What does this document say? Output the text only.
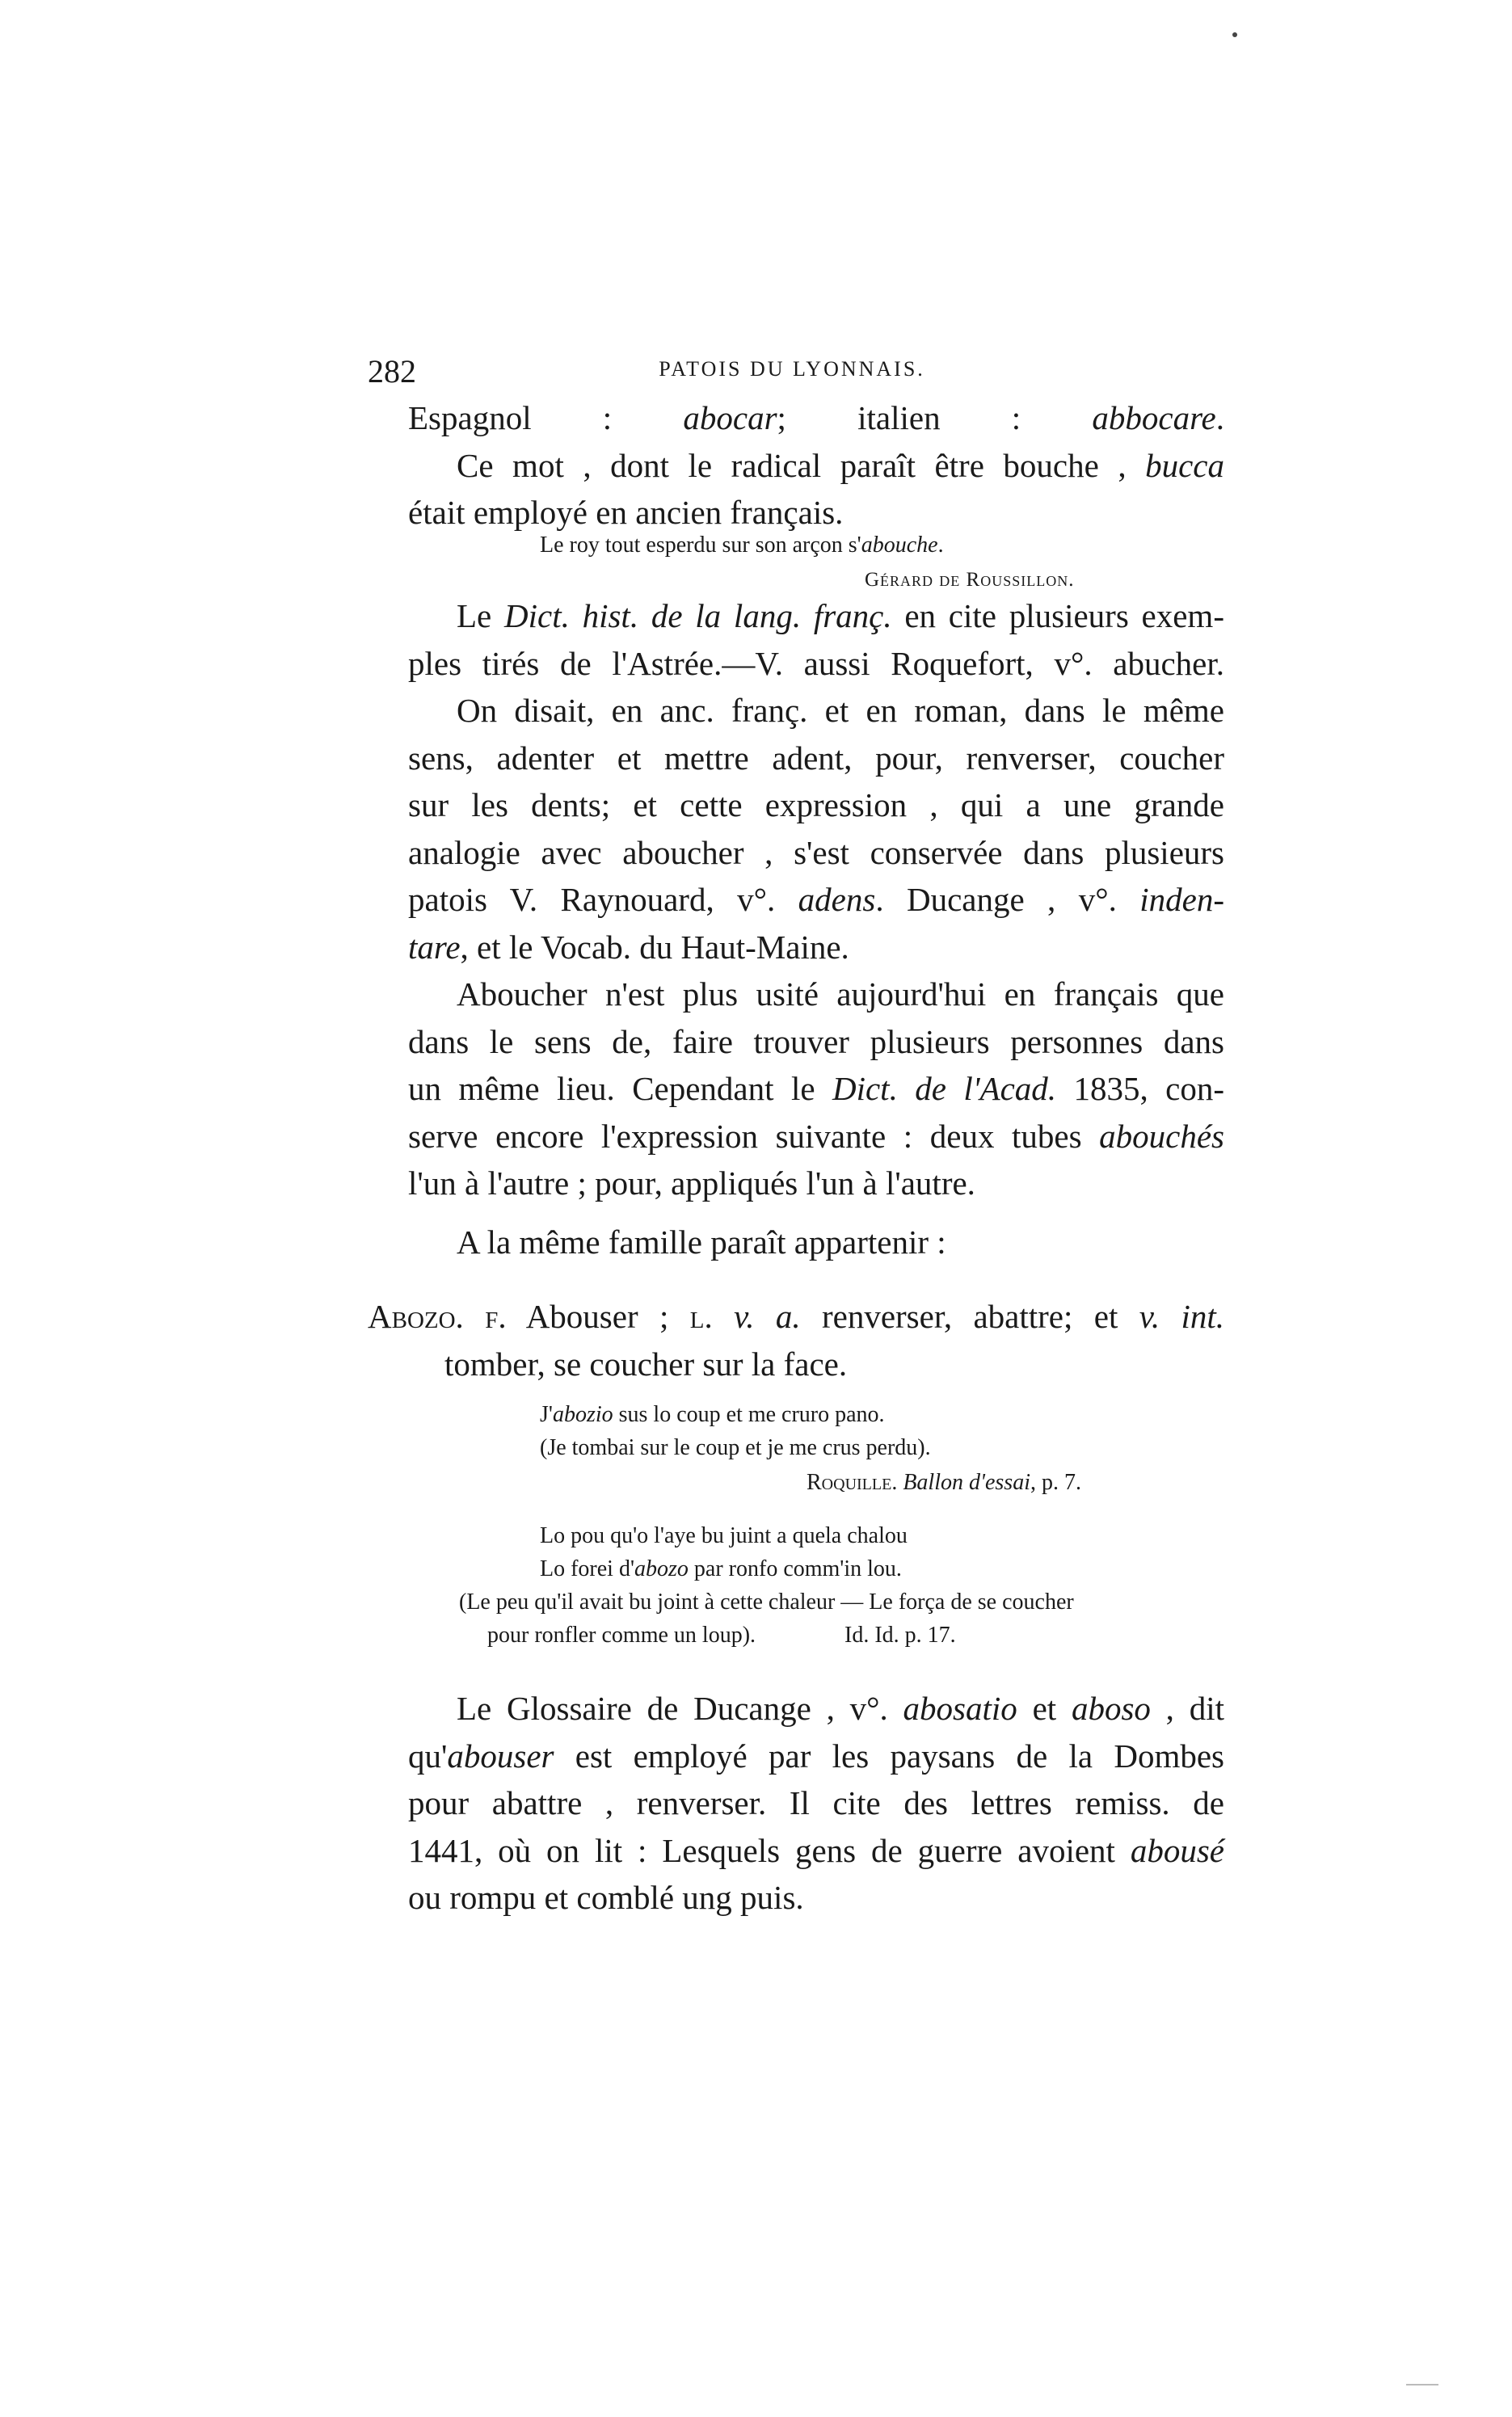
282	PATOIS DU LYONNAIS.
Espagnol : abocar; italien : abbocare.
Ce mot , dont le radical paraît être bouche , bucca
était employé en ancien français.
Le roy tout esperdu sur son arçon s'abouche.
Gérard de Roussillon.
Le Dict. hist. de la lang. franç. en cite plusieurs exem-
ples tirés de l'Astrée.—V. aussi Roquefort, v°. abucher.
On disait, en anc. franç. et en roman, dans le même
sens, adenter et mettre adent, pour, renverser, coucher
sur les dents; et cette expression , qui a une grande
analogie avec aboucher , s'est conservée dans plusieurs
patois V. Raynouard, v°. adens. Ducange , v°. inden-
tare, et le Vocab. du Haut-Maine.
Aboucher n'est plus usité aujourd'hui en français que
dans le sens de, faire trouver plusieurs personnes dans
un même lieu. Cependant le Dict. de l'Acad. 1835, con-
serve encore l'expression suivante : deux tubes abouchés
l'un à l'autre ; pour, appliqués l'un à l'autre.
A la même famille paraît appartenir :
Abozo. f. Abouser ; l. v. a. renverser, abattre; et v. int.
tomber, se coucher sur la face.
J'abozio sus lo coup et me cruro pano.
(Je tombai sur le coup et je me crus perdu).
Roquille. Ballon d'essai, p. 7.
Lo pou qu'o l'aye bu juint a quela chalou
Lo forei d'abozo par ronfo comm'in lou.
(Le peu qu'il avait bu joint à cette chaleur — Le força de se coucher
pour ronfler comme un loup).	Id. Id. p. 17.
Le Glossaire de Ducange , v°. abosatio et aboso , dit
qu'abouser est employé par les paysans de la Dombes
pour abattre , renverser. Il cite des lettres remiss. de
1441, où on lit : Lesquels gens de guerre avoient abousé
ou rompu et comblé ung puis.
